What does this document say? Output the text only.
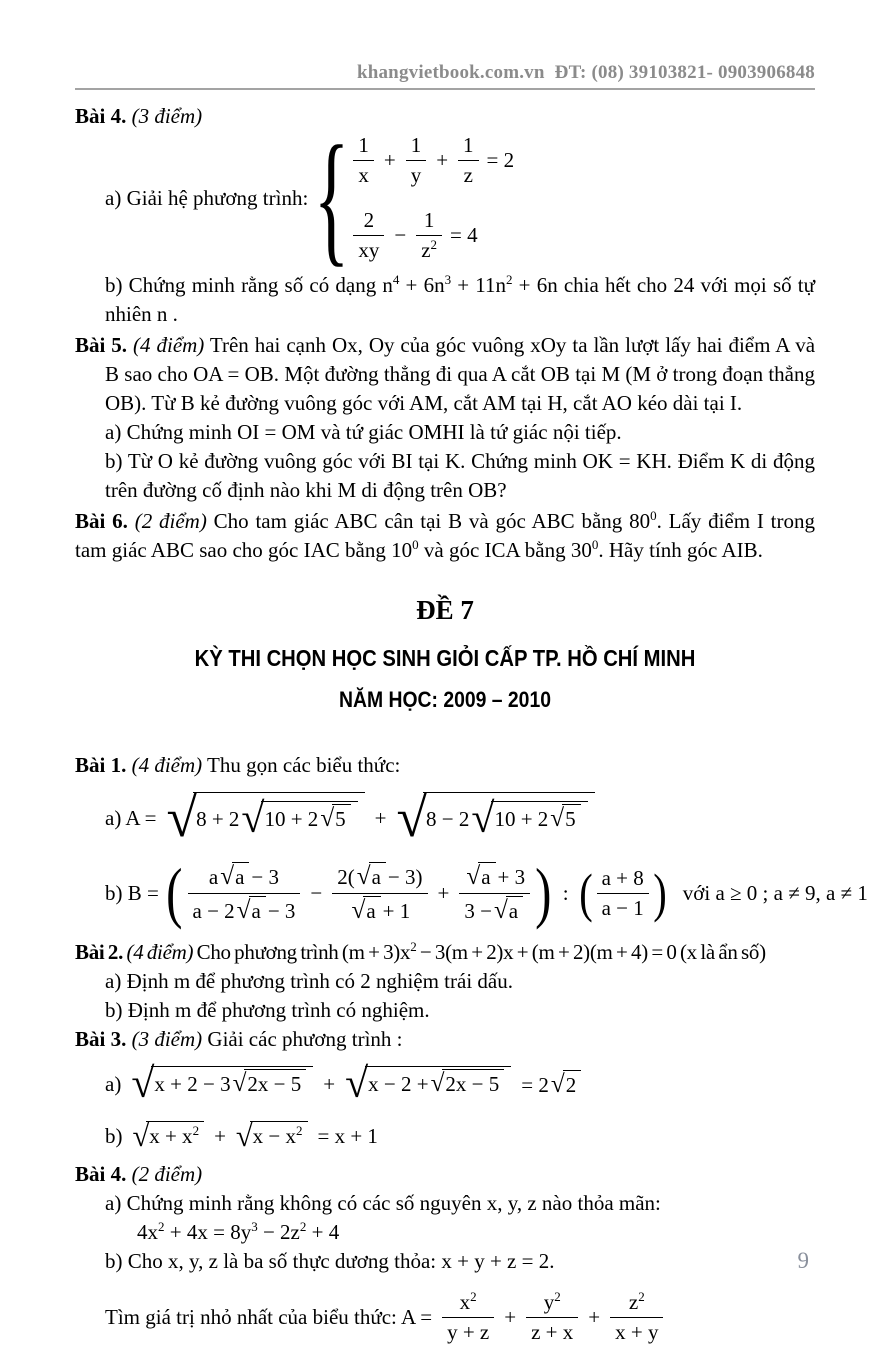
khangvietbook.com.vn ĐT: (08) 39103821- 0903906848

Bài 4. (3 điểm)

a) Giải hệ phương trình: { $\frac{1}{x} + \frac{1}{y} + \frac{1}{z} = 2$
$\frac{2}{xy} - \frac{1}{z^2} = 4$

b) Chứng minh rằng số có dạng $n^4 + 6n^3 + 11n^2 + 6n$ chia hết cho 24 với mọi số tự nhiên n .

Bài 5. (4 điểm) Trên hai cạnh Ox, Oy của góc vuông xOy ta lần lượt lấy hai điểm A và B sao cho OA = OB. Một đường thẳng đi qua A cắt OB tại M (M ở trong đoạn thẳng OB). Từ B kẻ đường vuông góc với AM, cắt AM tại H, cắt AO kéo dài tại I.

a) Chứng minh OI = OM và tứ giác OMHI là tứ giác nội tiếp.

b) Từ O kẻ đường vuông góc với BI tại K. Chứng minh OK = KH. Điểm K di động trên đường cố định nào khi M di động trên OB?

Bài 6. (2 điểm) Cho tam giác ABC cân tại B và góc ABC bằng $80^0$. Lấy điểm I trong tam giác ABC sao cho góc IAC bằng $10^0$ và góc ICA bằng $30^0$. Hãy tính góc AIB.

ĐỀ 7
KỲ THI CHỌN HỌC SINH GIỎI CẤP TP. HỒ CHÍ MINH
NĂM HỌC: 2009 – 2010

Bài 1. (4 điểm) Thu gọn các biểu thức:

a) A = √8 + 2√10 + 2√5	+ √8 − 2√10 + 2√5
b) B = ( $\frac{a√a - 3}{a - 2√a - 3} - \frac{2(√a - 3)}{√a + 1} + \frac{√a + 3}{3 -√a}$ ) : ( $\frac{a + 8}{a - 1}$ ) với a ≥ 0 ; a ≠ 9, a ≠ 1

Bài 2. (4 điểm) Cho phương trình $(m + 3)x^2 - 3(m + 2)x + (m + 2)(m + 4) = 0$ (x là ẩn số)

a) Định m để phương trình có 2 nghiệm trái dấu.

b) Định m để phương trình có nghiệm.

Bài 3. (3 điểm) Giải các phương trình :

a) √x + 2 − 3√2x − 5	+ √x − 2 +√2x − 5	= 2√2
b) $√x + x^2 + √x - x^2 = x + 1$

Bài 4. (2 điểm)

a) Chứng minh rằng không có các số nguyên x, y, z nào thỏa mãn:

$4x^2 + 4x = 8y^3 - 2z^2 + 4$

b) Cho x, y, z là ba số thực dương thỏa: x + y + z = 2.

Tìm giá trị nhỏ nhất của biểu thức: $A = \frac{x^2}{y + z} + \frac{y^2}{z + x} + \frac{z^2}{x + y}$
9
